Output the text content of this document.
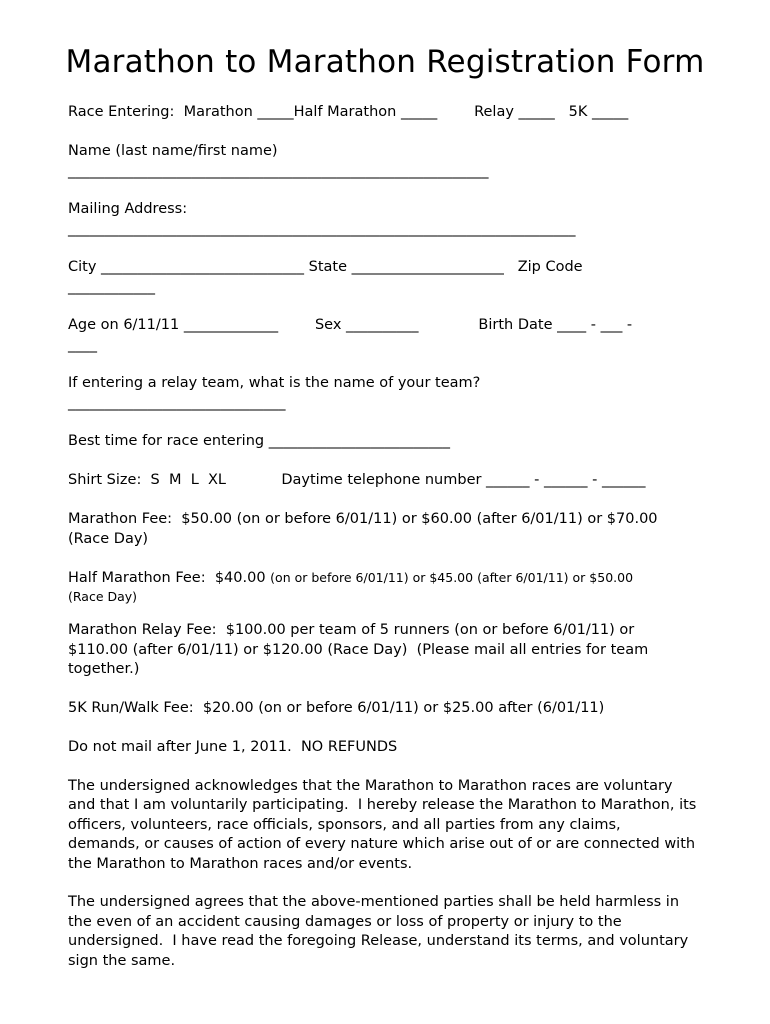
Marathon to Marathon Registration Form

Race Entering:  Marathon _____Half Marathon _____        Relay _____   5K _____

Name (last name/first name)

__________________________________________________________

Mailing Address:

______________________________________________________________________

City ____________________________ State _____________________   Zip Code

____________

Age on 6/11/11 _____________        Sex __________             Birth Date ____ - ___ -

____

If entering a relay team, what is the name of your team?

______________________________

Best time for race entering _________________________

Shirt Size:  S  M  L  XL            Daytime telephone number ______ - ______ - ______

Marathon Fee:  $50.00 (on or before 6/01/11) or $60.00 (after 6/01/11) or $70.00

(Race Day)

Half Marathon Fee:  $40.00 (on or before 6/01/11) or $45.00 (after 6/01/11) or $50.00

(Race Day)

Marathon Relay Fee:  $100.00 per team of 5 runners (on or before 6/01/11) or

$110.00 (after 6/01/11) or $120.00 (Race Day)  (Please mail all entries for team

together.)

5K Run/Walk Fee:  $20.00 (on or before 6/01/11) or $25.00 after (6/01/11)

Do not mail after June 1, 2011.  NO REFUNDS

The undersigned acknowledges that the Marathon to Marathon races are voluntary

and that I am voluntarily participating.  I hereby release the Marathon to Marathon, its

officers, volunteers, race officials, sponsors, and all parties from any claims,

demands, or causes of action of every nature which arise out of or are connected with

the Marathon to Marathon races and/or events.

The undersigned agrees that the above-mentioned parties shall be held harmless in

the even of an accident causing damages or loss of property or injury to the

undersigned.  I have read the foregoing Release, understand its terms, and voluntary

sign the same.
